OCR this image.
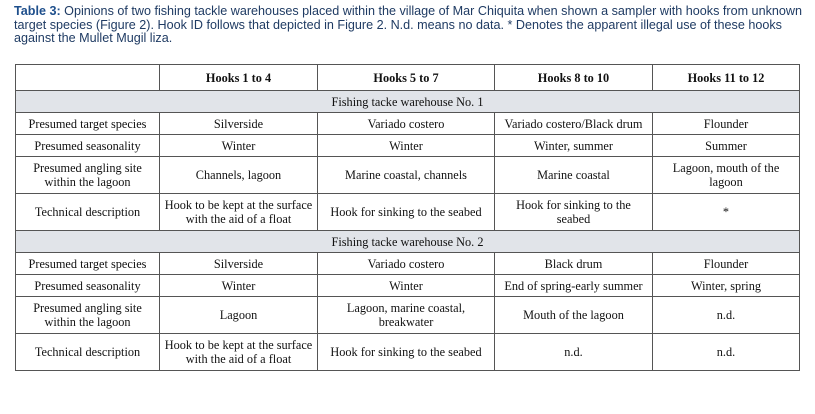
Table 3: Opinions of two fishing tackle warehouses placed within the village of Mar Chiquita when shown a sampler with hooks from unknown target species (Figure 2). Hook ID follows that depicted in Figure 2. N.d. means no data. * Denotes the apparent illegal use of these hooks against the Mullet Mugil liza.
	Hooks 1 to 4	Hooks 5 to 7	Hooks 8 to 10	Hooks 11 to 12
Fishing tacke warehouse No. 1				
Presumed target species	Silverside	Variado costero	Variado costero/Black drum	Flounder
Presumed seasonality	Winter	Winter	Winter, summer	Summer
Presumed angling site within the lagoon	Channels, lagoon	Marine coastal, channels	Marine coastal	Lagoon, mouth of the lagoon
Technical description	Hook to be kept at the surface with the aid of a float	Hook for sinking to the seabed	Hook for sinking to the seabed	*
Fishing tacke warehouse No. 2				
Presumed target species	Silverside	Variado costero	Black drum	Flounder
Presumed seasonality	Winter	Winter	End of spring-early summer	Winter, spring
Presumed angling site within the lagoon	Lagoon	Lagoon, marine coastal, breakwater	Mouth of the lagoon	n.d.
Technical description	Hook to be kept at the surface with the aid of a float	Hook for sinking to the seabed	n.d.	n.d.
